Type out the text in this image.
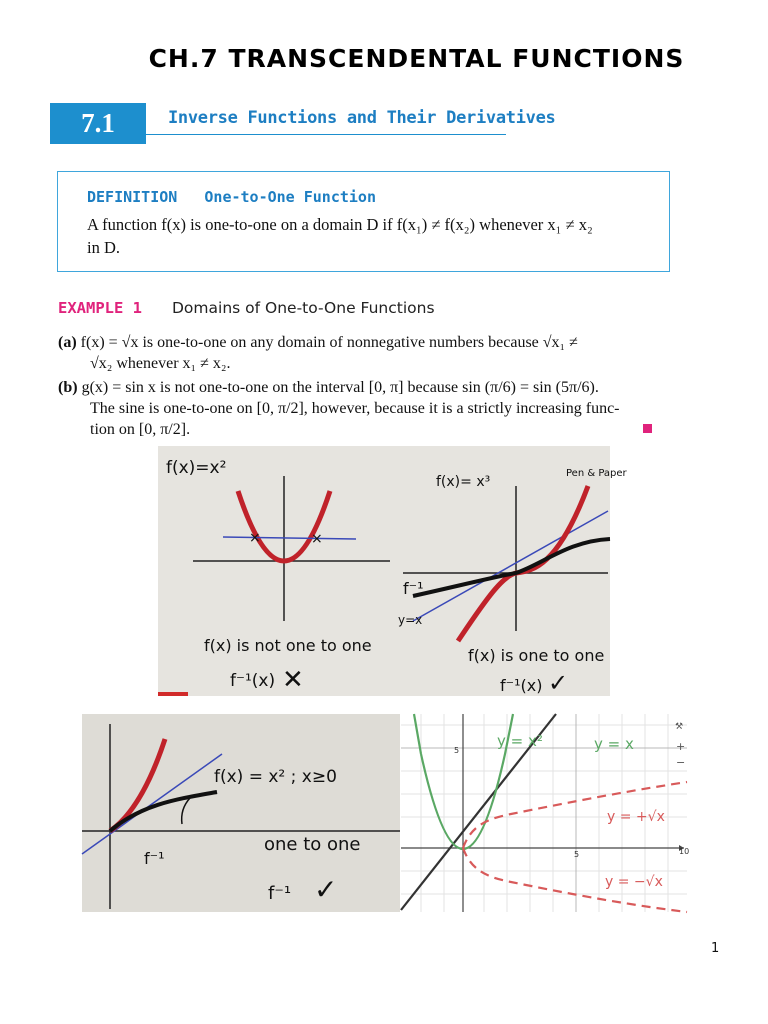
CH.7 TRANSCENDENTAL FUNCTIONS
7.1	Inverse Functions and Their Derivatives
DEFINITION One-to-One Function
A function f(x) is one-to-one on a domain D if f(x₁) ≠ f(x₂) whenever x₁ ≠ x₂
in D.
EXAMPLE 1 Domains of One-to-One Functions
(a) f(x) = √x is one-to-one on any domain of nonnegative numbers because √x₁ ≠
√x₂ whenever x₁ ≠ x₂.
(b) g(x) = sin x is not one-to-one on the interval [0, π] because sin (π/6) = sin (5π/6).
The sine is one-to-one on [0, π/2], however, because it is a strictly increasing func-
tion on [0, π/2].
×	×
f(x)=x²
f(x) is not one to one
f⁻¹(x) ✕
f(x)= x³
f⁻¹
y=x
f(x) is one to one
f⁻¹(x) ✓
Pen & Paper
f(x) = x² ; x≥0
f⁻¹
one to one
f⁻¹ ✓
5
5	10
y = x²	y = x
y = +√x
y = −√x
⚒
+
−
1
